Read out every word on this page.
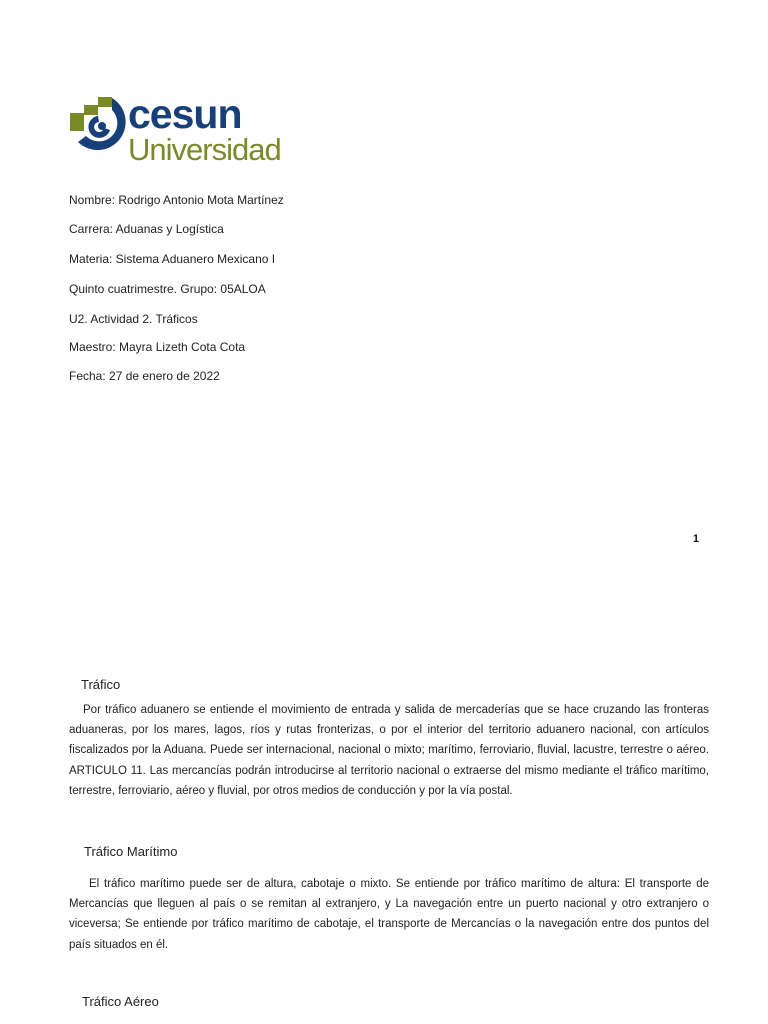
cesun
Universidad
Nombre: Rodrigo Antonio Mota Martínez
Carrera: Aduanas y Logística
Materia: Sistema Aduanero Mexicano I
Quinto cuatrimestre. Grupo: 05ALOA
U2. Actividad 2. Tráficos
Maestro: Mayra Lizeth Cota Cota
Fecha: 27 de enero de 2022
1
Tráfico
Por tráfico aduanero se entiende el movimiento de entrada y salida de mercaderías que se hace cruzando las fronteras aduaneras, por los mares, lagos, ríos y rutas fronterizas, o por el interior del territorio aduanero nacional, con artículos fiscalizados por la Aduana. Puede ser internacional, nacional o mixto; marítimo, ferroviario, fluvial, lacustre, terrestre o aéreo. ARTICULO 11. Las mercancías podrán introducirse al territorio nacional o extraerse del mismo mediante el tráfico marítimo, terrestre, ferroviario, aéreo y fluvial, por otros medios de conducción y por la vía postal.
Tráfico Marítimo
El tráfico marítimo puede ser de altura, cabotaje o mixto. Se entiende por tráfico marítimo de altura: El transporte de Mercancías que lleguen al país o se remitan al extranjero, y La navegación entre un puerto nacional y otro extranjero o viceversa; Se entiende por tráfico marítimo de cabotaje, el transporte de Mercancías o la navegación entre dos puntos del país situados en él.
Tráfico Aéreo
